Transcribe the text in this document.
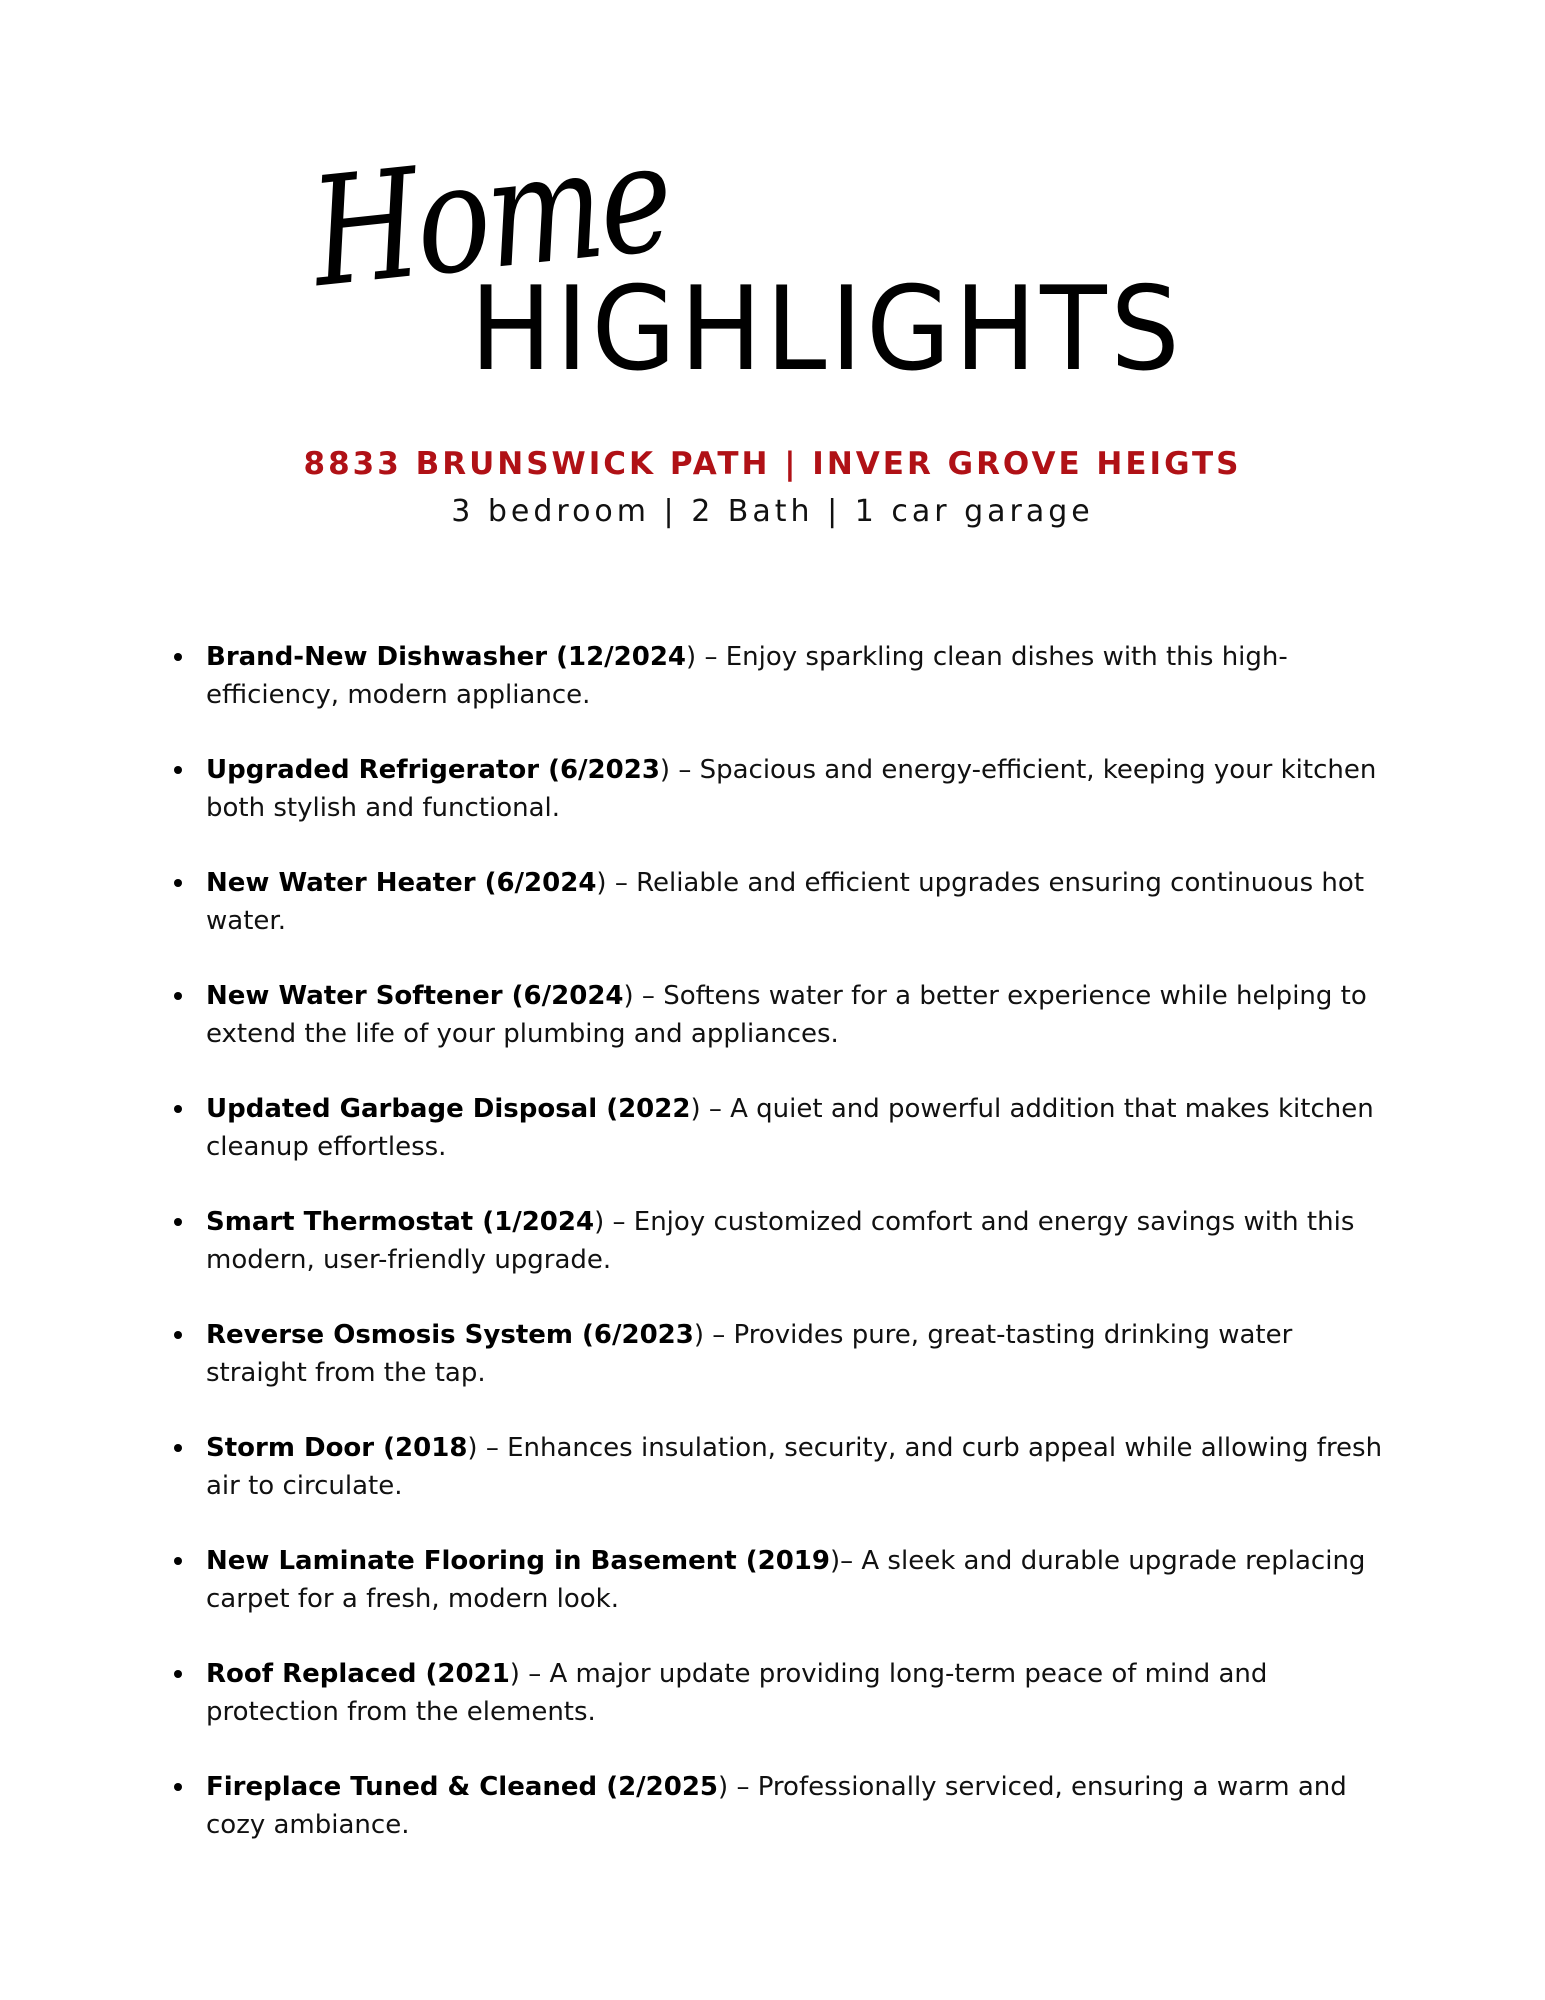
Home
HIGHLIGHTS
8833 BRUNSWICK PATH | INVER GROVE HEIGTS
3 bedroom | 2 Bath | 1 car garage
Brand-New Dishwasher (12/2024) – Enjoy sparkling clean dishes with this high-efficiency, modern appliance.
Upgraded Refrigerator (6/2023) – Spacious and energy-efficient, keeping your kitchen both stylish and functional.
New Water Heater (6/2024) – Reliable and efficient upgrades ensuring continuous hot water.
New Water Softener (6/2024) – Softens water for a better experience while helping to extend the life of your plumbing and appliances.
Updated Garbage Disposal (2022) – A quiet and powerful addition that makes kitchen cleanup effortless.
Smart Thermostat (1/2024) – Enjoy customized comfort and energy savings with this modern, user-friendly upgrade.
Reverse Osmosis System (6/2023) – Provides pure, great-tasting drinking water straight from the tap.
Storm Door (2018) – Enhances insulation, security, and curb appeal while allowing fresh air to circulate.
New Laminate Flooring in Basement (2019)– A sleek and durable upgrade replacing carpet for a fresh, modern look.
Roof Replaced (2021) – A major update providing long-term peace of mind and protection from the elements.
Fireplace Tuned & Cleaned (2/2025) – Professionally serviced, ensuring a warm and cozy ambiance.
